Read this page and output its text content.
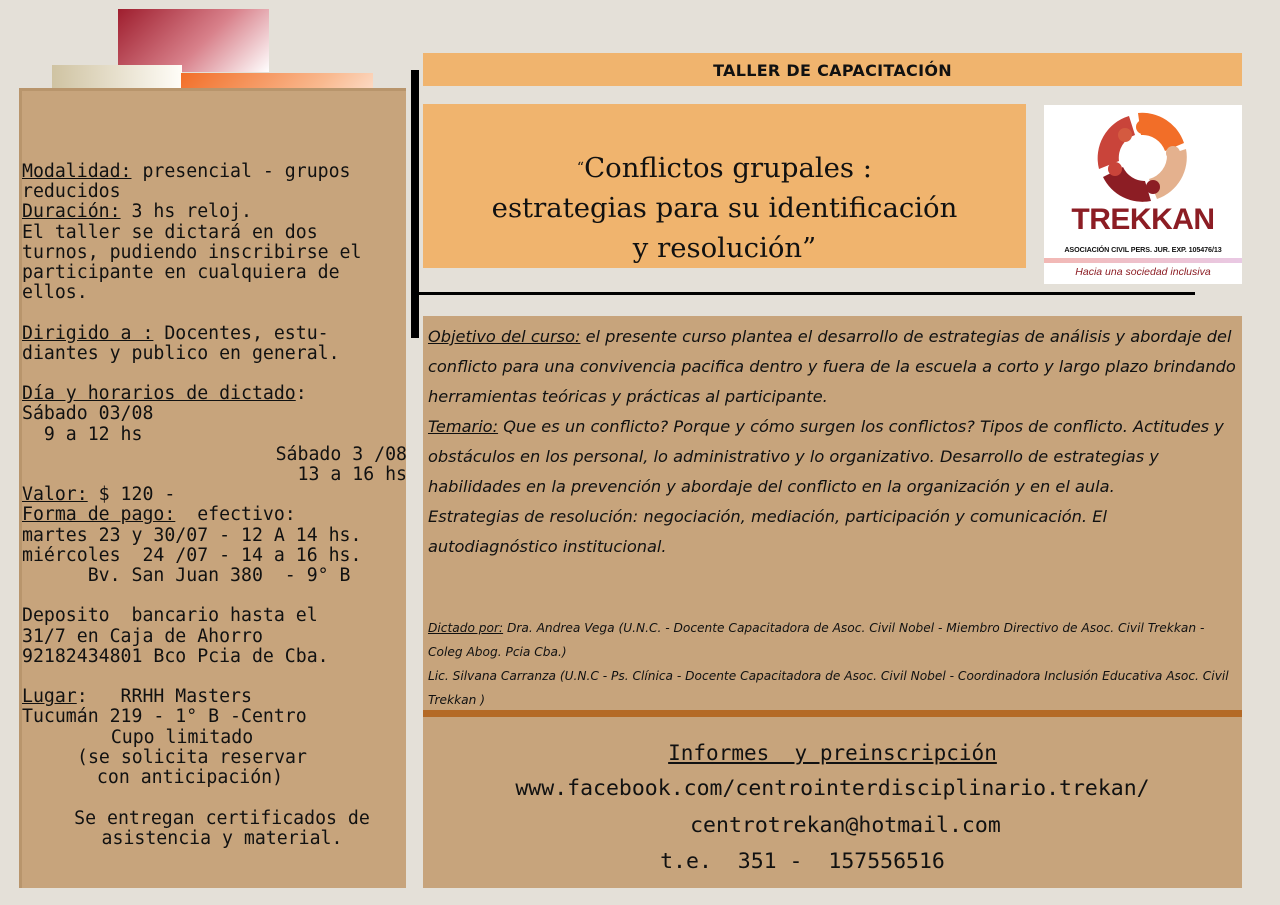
Modalidad: presencial - grupos
reducidos
Duración: 3 hs reloj.
El taller se dictará en dos
turnos, pudiendo inscribirse el
participante en cualquiera de
ellos.

Dirigido a : Docentes, estu-
diantes y publico en general.

Día y horarios de dictado:
Sábado 03/08
9 a 12 hs

Sábado 3 /08
13 a 16 hs
Valor: $ 120 -
Forma de pago:  efectivo:
martes 23 y 30/07 - 12 A 14 hs.
miércoles  24 /07 - 14 a 16 hs.
Bv. San Juan 380  - 9° B

Deposito  bancario hasta el
31/7 en Caja de Ahorro
92182434801 Bco Pcia de Cba.

Lugar:   RRHH Masters
Tucumán 219 - 1° B -Centro

Cupo limitado
(se solicita reservar
con anticipación)

Se entregan certificados de
asistencia y material.
TALLER DE CAPACITACIÓN
“Conflictos grupales :
estrategias para su identificación
y resolución”
TREKKAN
ASOCIACIÓN CIVIL PERS. JUR. EXP. 105476/13
Hacia una sociedad inclusiva
Objetivo del curso: el presente curso plantea el desarrollo de estrategias de análisis y abordaje del conflicto para una convivencia pacifica dentro y fuera de la escuela a corto y largo plazo brindando herramientas teóricas y prácticas al participante.
Temario: Que es un conflicto? Porque y cómo surgen los conflictos? Tipos de conflicto. Actitudes y obstáculos en los personal, lo administrativo y lo organizativo. Desarrollo de estrategias y habilidades en la prevención y abordaje del conflicto en la organización y en el aula.
Estrategias de resolución: negociación, mediación, participación y comunicación. El autodiagnóstico institucional.
Dictado por: Dra. Andrea Vega (U.N.C. - Docente Capacitadora de Asoc. Civil Nobel - Miembro Directivo de Asoc. Civil Trekkan - Coleg Abog. Pcia Cba.)
Lic. Silvana Carranza (U.N.C - Ps. Clínica - Docente Capacitadora de Asoc. Civil Nobel - Coordinadora Inclusión Educativa Asoc. Civil Trekkan )
Informes  y preinscripción
www.facebook.com/centrointerdisciplinario.trekan/
centrotrekan@hotmail.com
t.e.  351 -  157556516
